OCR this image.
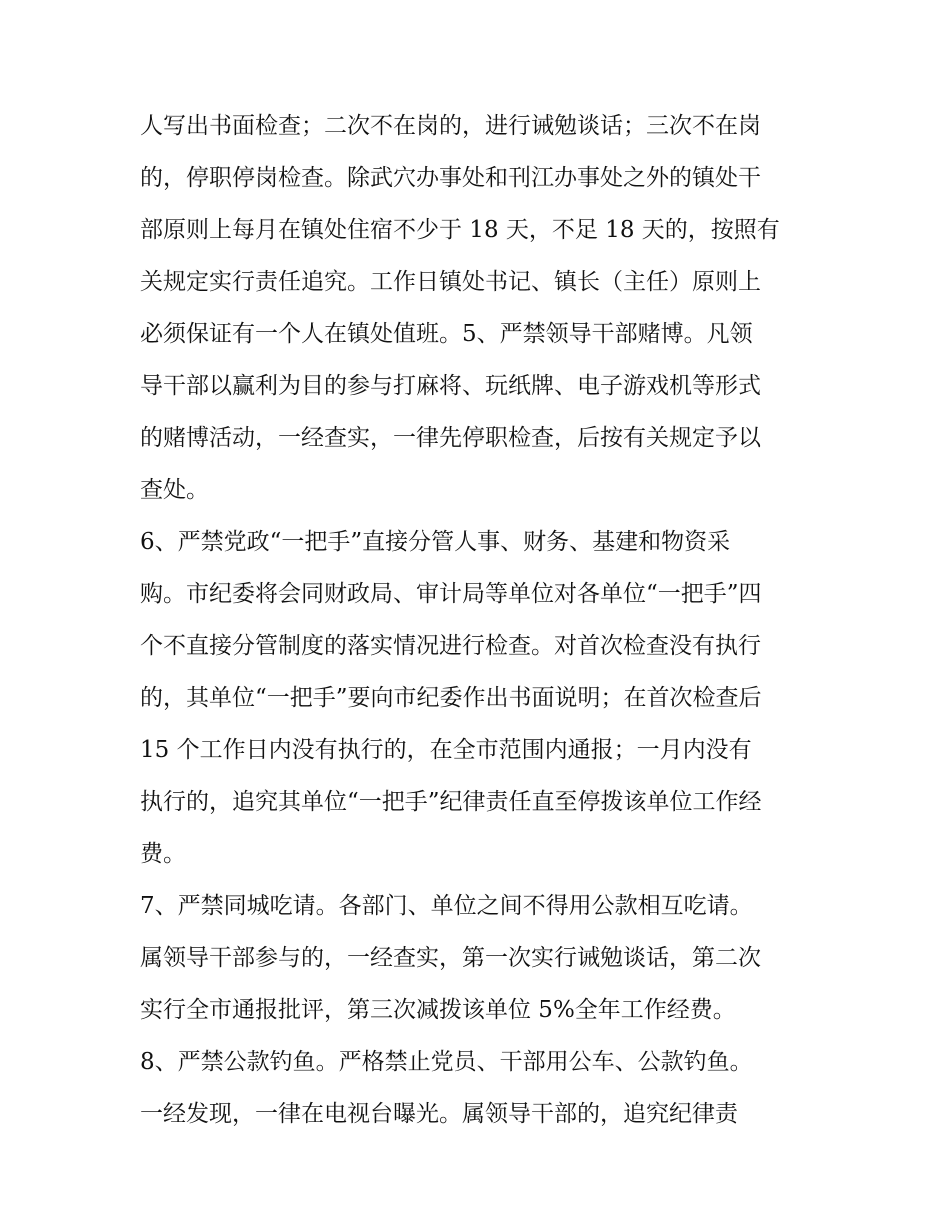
人写出书面检查；二次不在岗的，进行诫勉谈话；三次不在岗
的，停职停岗检查。除武穴办事处和刊江办事处之外的镇处干
部原则上每月在镇处住宿不少于 18 天，不足 18 天的，按照有
关规定实行责任追究。工作日镇处书记、镇长（主任）原则上
必须保证有一个人在镇处值班。5、严禁领导干部赌博。凡领
导干部以赢利为目的参与打麻将、玩纸牌、电子游戏机等形式
的赌博活动，一经查实，一律先停职检查，后按有关规定予以
查处。
6、严禁党政“一把手”直接分管人事、财务、基建和物资采
购。市纪委将会同财政局、审计局等单位对各单位“一把手”四
个不直接分管制度的落实情况进行检查。对首次检查没有执行
的，其单位“一把手”要向市纪委作出书面说明；在首次检查后
15 个工作日内没有执行的，在全市范围内通报；一月内没有
执行的，追究其单位“一把手”纪律责任直至停拨该单位工作经
费。
7、严禁同城吃请。各部门、单位之间不得用公款相互吃请。
属领导干部参与的，一经查实，第一次实行诫勉谈话，第二次
实行全市通报批评，第三次减拨该单位 5%全年工作经费。
8、严禁公款钓鱼。严格禁止党员、干部用公车、公款钓鱼。
一经发现，一律在电视台曝光。属领导干部的，追究纪律责
